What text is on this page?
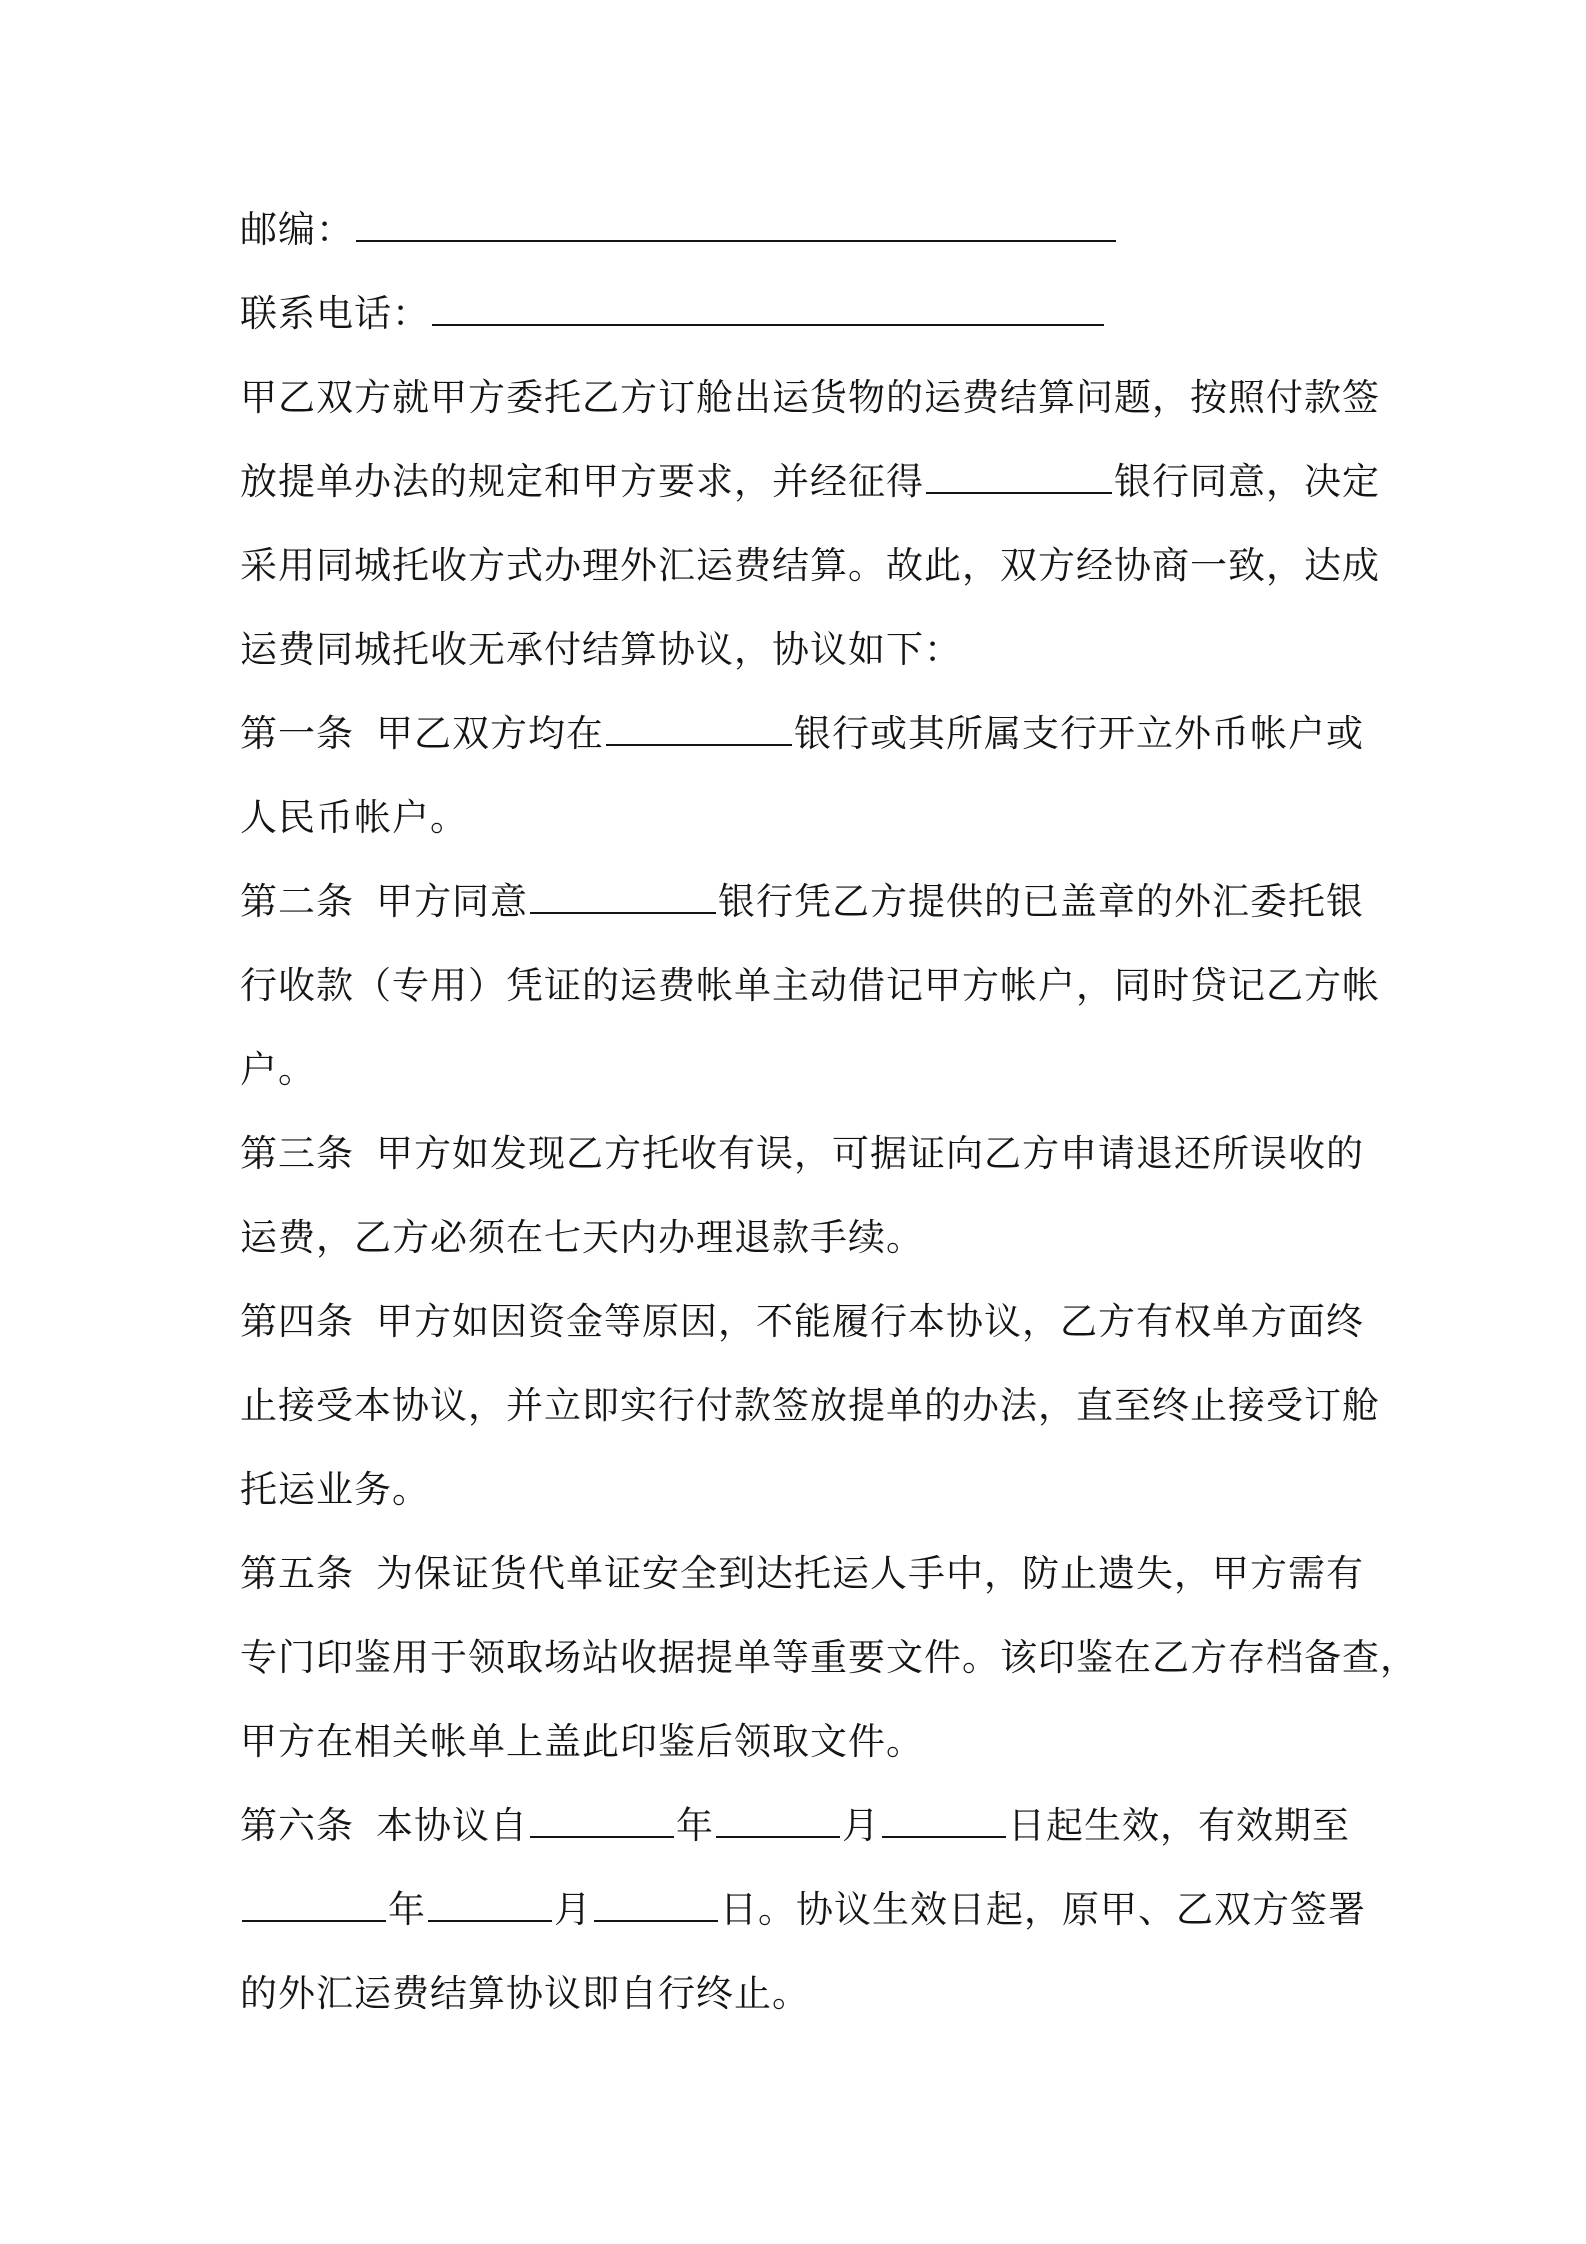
邮编：
联系电话：
甲乙双方就甲方委托乙方订舱出运货物的运费结算问题，按照付款签
放提单办法的规定和甲方要求，并经征得	银行同意，决定
采用同城托收方式办理外汇运费结算。故此，双方经协商一致，达成
运费同城托收无承付结算协议，协议如下：
第一条 甲乙双方均在	银行或其所属支行开立外币帐户或
人民币帐户。
第二条 甲方同意	银行凭乙方提供的已盖章的外汇委托银
行收款（专用）凭证的运费帐单主动借记甲方帐户，同时贷记乙方帐
户。
第三条 甲方如发现乙方托收有误，可据证向乙方申请退还所误收的
运费，乙方必须在七天内办理退款手续。
第四条 甲方如因资金等原因，不能履行本协议，乙方有权单方面终
止接受本协议，并立即实行付款签放提单的办法，直至终止接受订舱
托运业务。
第五条 为保证货代单证安全到达托运人手中，防止遗失，甲方需有
专门印鉴用于领取场站收据提单等重要文件。该印鉴在乙方存档备查，
甲方在相关帐单上盖此印鉴后领取文件。
第六条 本协议自	年	月	日起生效，有效期至
年	月	日。协议生效日起，原甲、乙双方签署
的外汇运费结算协议即自行终止。
